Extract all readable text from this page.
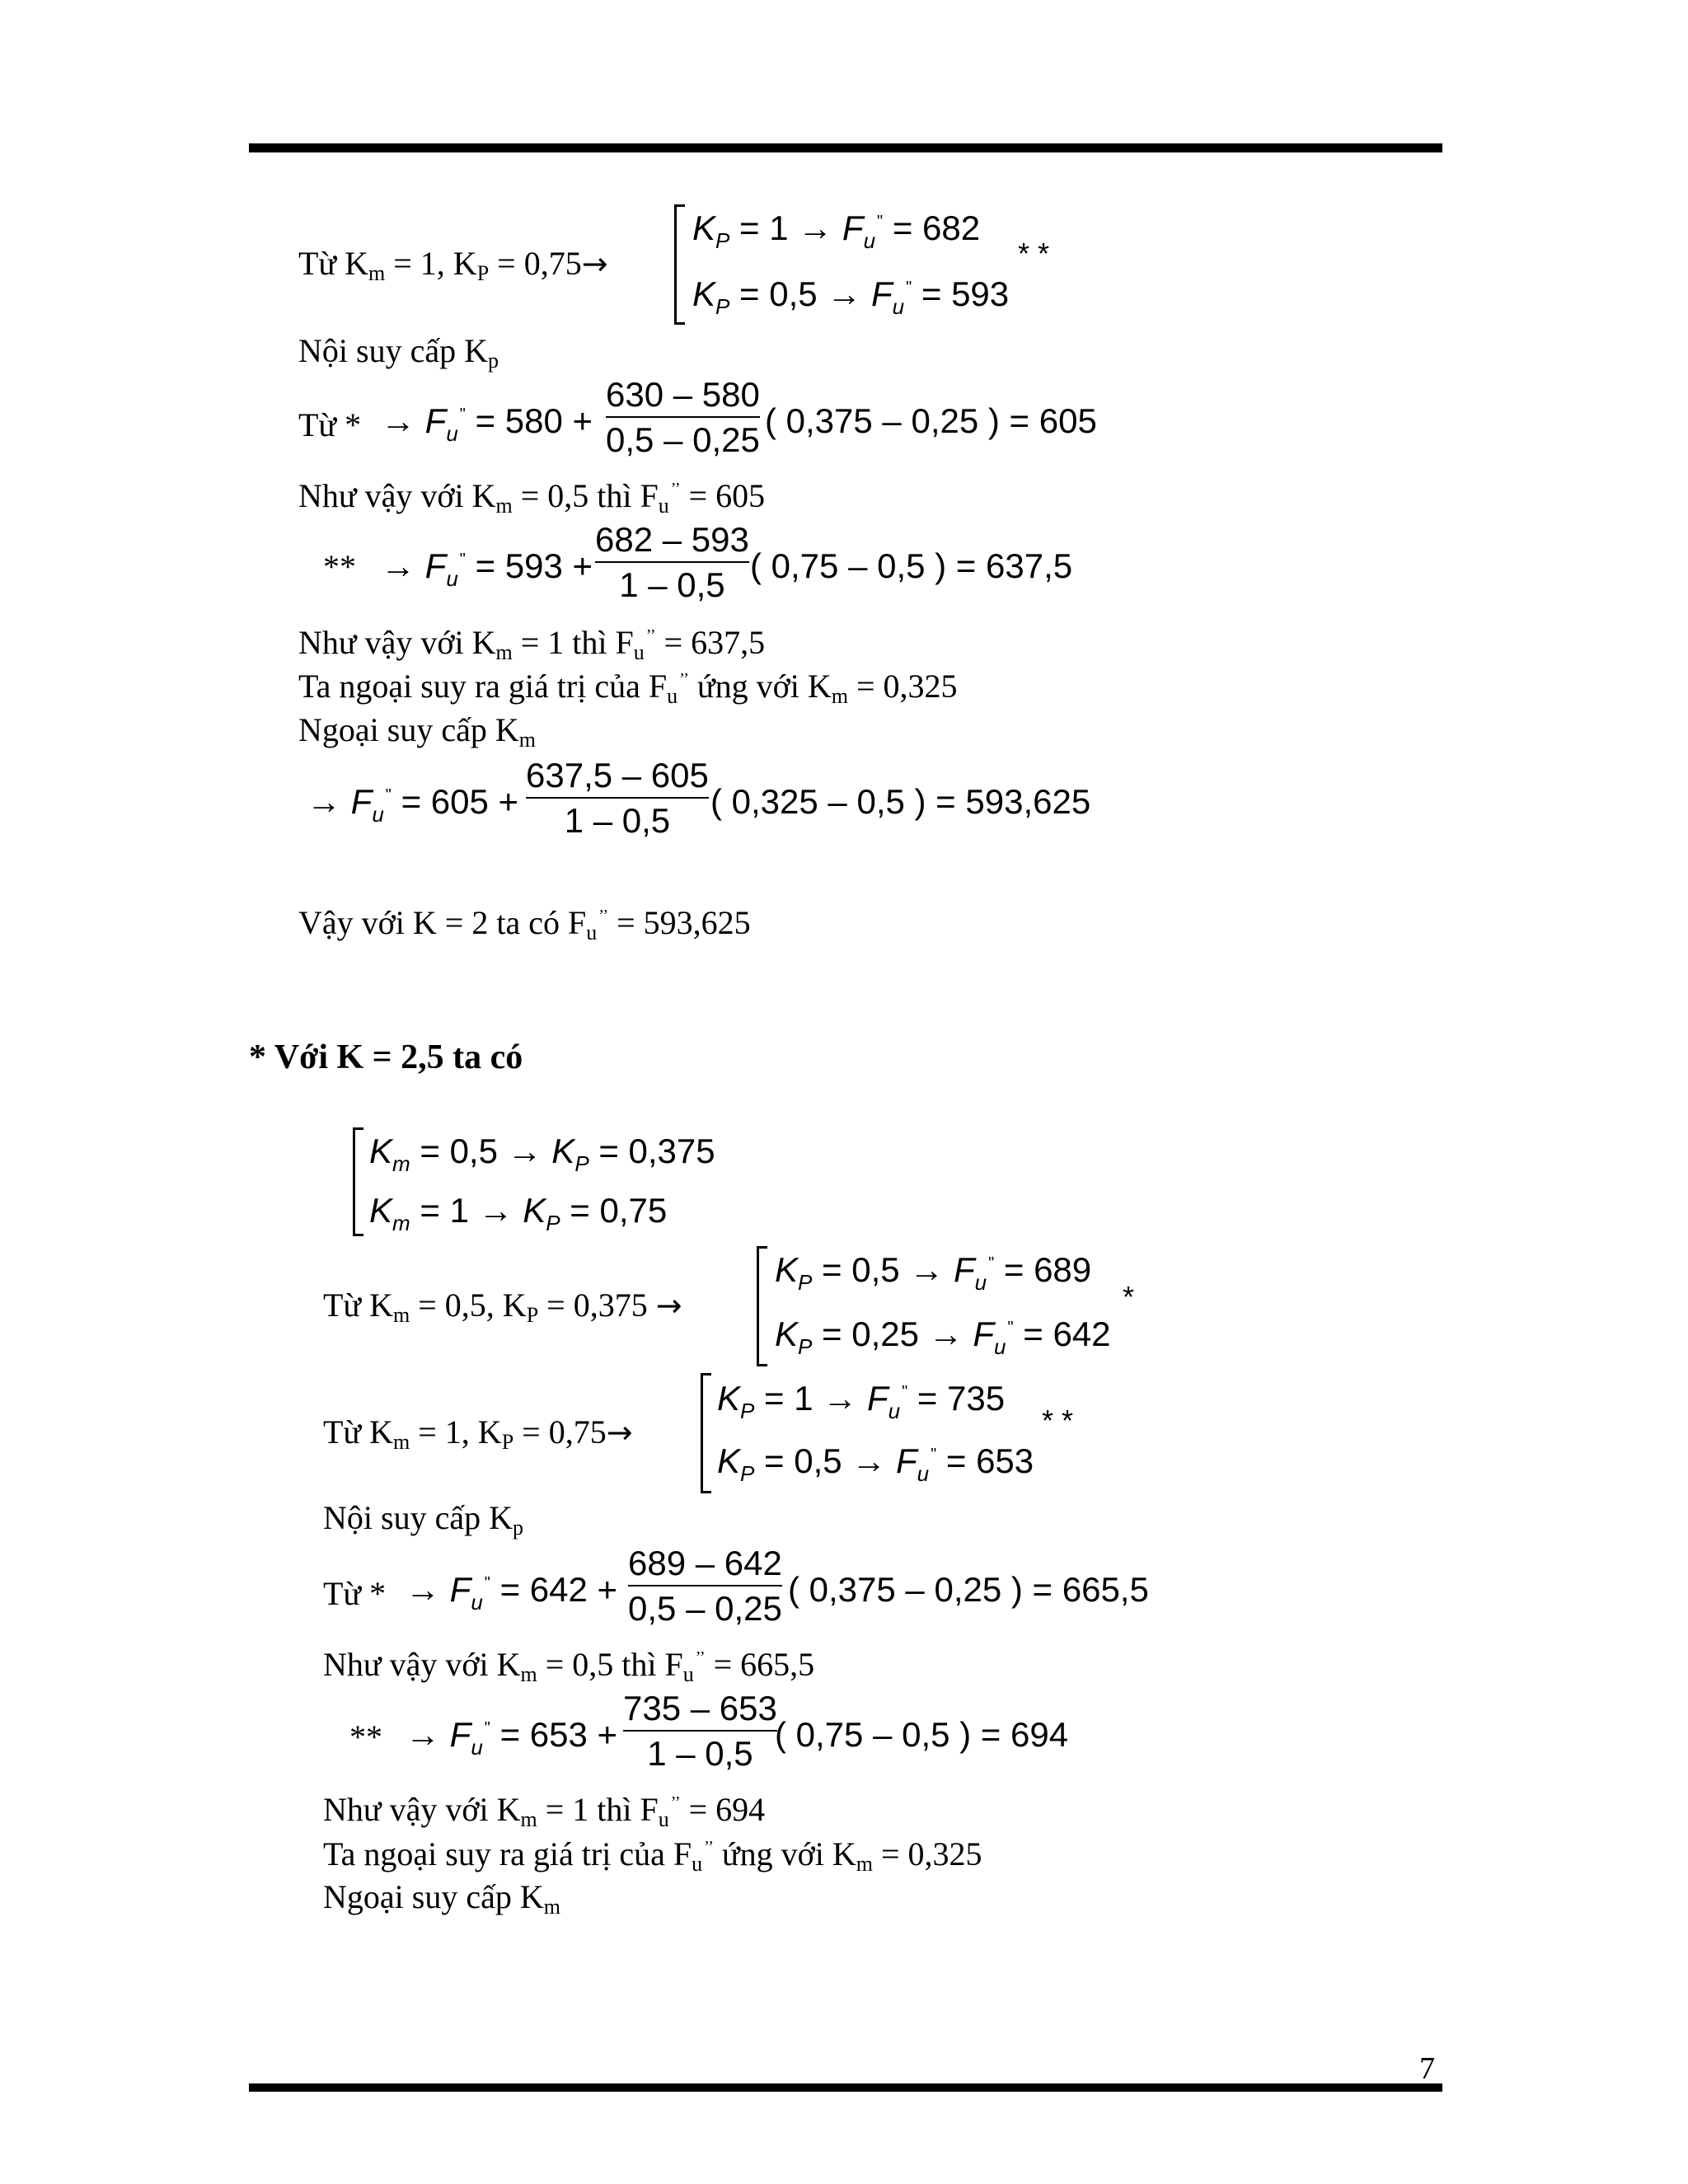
7
Từ $K_m = 1$, $K_P = 0,75\to$
$K_P = 1 \to F_u^" = 682$
$K_P = 0,5 \to F_u^" = 593$
* *
Nội suy cấp $K_p$
Từ * → $F_u^" = 580$ +
630 – 580
0,5 – 0,25 ( 0,375 – 0,25 ) = 605
Như vậy với $K_m = 0,5$ thì $F_u^{’’} = 605$
** → $F_u^" = 593$ +
682 – 593
1 – 0,5 ( 0,75 – 0,5 ) = 637,5
Như vậy với $K_m = 1$ thì $F_u^{’’} = 637,5$
Ta ngoại suy ra giá trị của $F_u^{’’}$ ứng với $K_m = 0,325$
Ngoại suy cấp $K_m$
→ $F_u^" = 605$ +
637,5 – 605
1 – 0,5	( 0,325 – 0,5 ) = 593,625
Vậy với K = 2 ta có $F_u^{’’} = 593,625$
* Với K = 2,5 ta có
$K_m = 0,5 \to K_P = 0,375$
$K_m = 1 \to K_P = 0,75$
Từ $K_m = 0,5$, $K_P = 0,375$ →
$K_P = 0,5 \to F_u^" = 689$
$K_P = 0,25 \to F_u^" = 642$
*
Từ $K_m = 1$, $K_P = 0,75\to$
$K_P = 1 \to F_u^" = 735$
$K_P = 0,5 \to F_u^" = 653$
* *
Nội suy cấp $K_p$
Từ * → $F_u^" = 642$ +
689 – 642
0,5 – 0,25 ( 0,375 – 0,25 ) = 665,5
Như vậy với $K_m = 0,5$ thì $F_u^{’’} = 665,5$
** → $F_u^" = 653$ +
735 – 653
1 – 0,5 ( 0,75 – 0,5 ) = 694
Như vậy với $K_m = 1$ thì $F_u^{’’} = 694$
Ta ngoại suy ra giá trị của $F_u^{’’}$ ứng với $K_m = 0,325$
Ngoại suy cấp $K_m$
